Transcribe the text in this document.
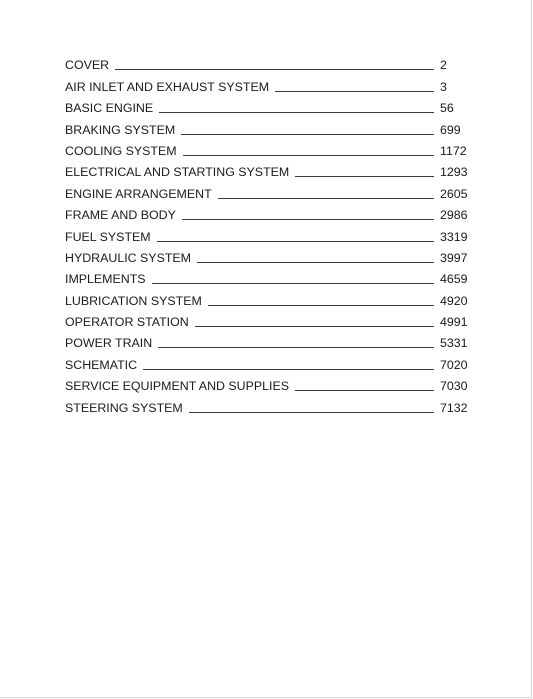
COVER	2
AIR INLET AND EXHAUST SYSTEM	3
BASIC ENGINE	56
BRAKING SYSTEM	699
COOLING SYSTEM	1172
ELECTRICAL AND STARTING SYSTEM	1293
ENGINE ARRANGEMENT	2605
FRAME AND BODY	2986
FUEL SYSTEM	3319
HYDRAULIC SYSTEM	3997
IMPLEMENTS	4659
LUBRICATION SYSTEM	4920
OPERATOR STATION	4991
POWER TRAIN	5331
SCHEMATIC	7020
SERVICE EQUIPMENT AND SUPPLIES	7030
STEERING SYSTEM	7132
